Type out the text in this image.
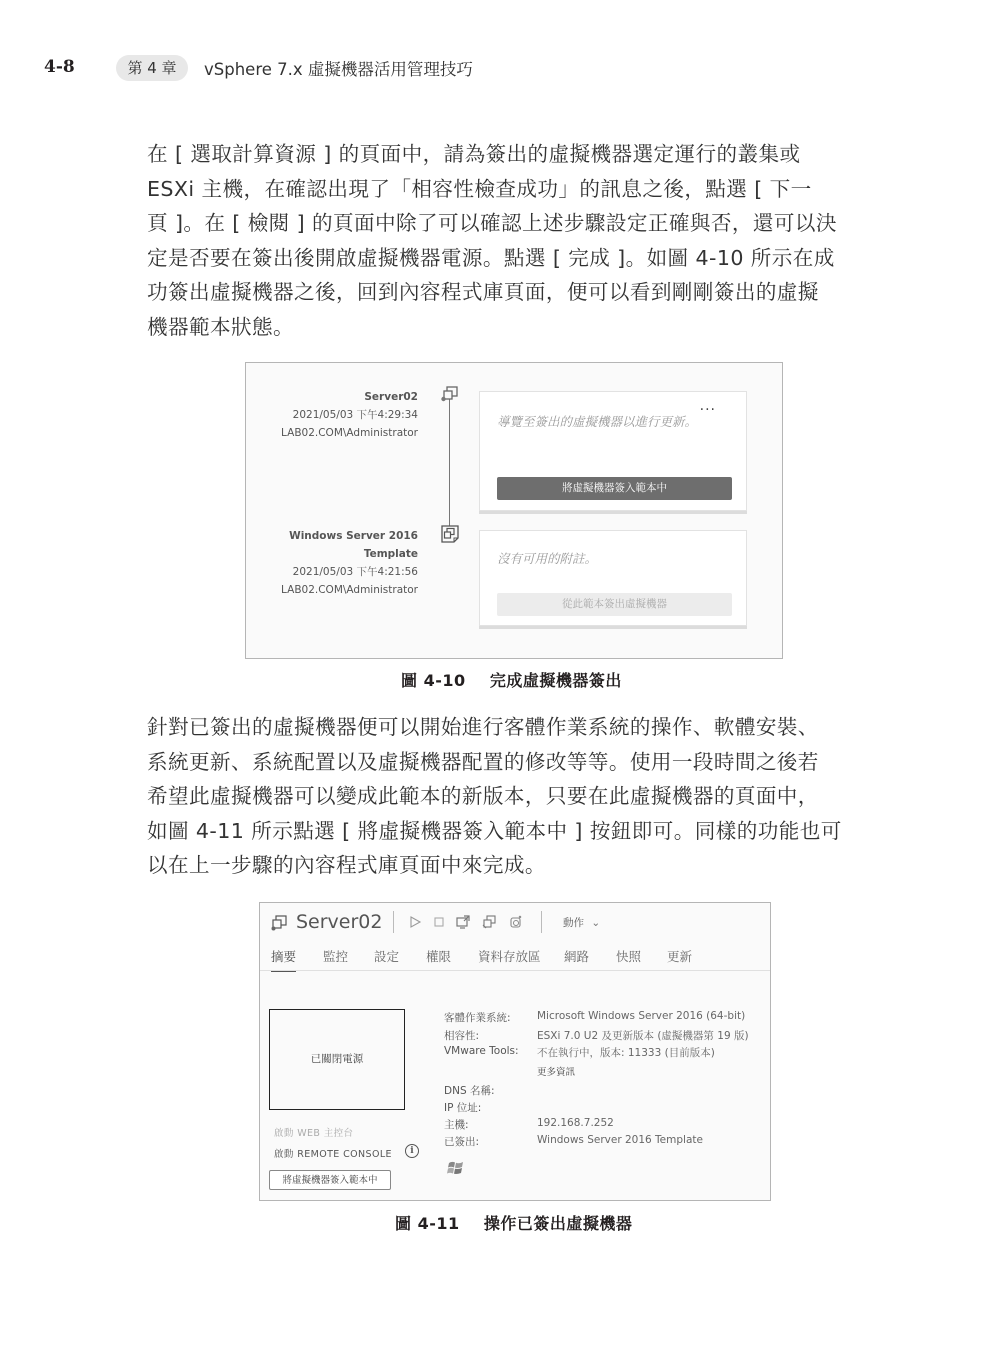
4-8	第 4 章	vSphere 7.x 虛擬機器活用管理技巧

在 [ 選取計算資源 ] 的頁面中，請為簽出的虛擬機器選定運行的叢集或

ESXi 主機，在確認出現了「相容性檢查成功」的訊息之後，點選 [ 下一

頁 ]。在 [ 檢閱 ] 的頁面中除了可以確認上述步驟設定正確與否，還可以決

定是否要在簽出後開啟虛擬機器電源。點選 [ 完成 ]。如圖 4-10 所示在成

功簽出虛擬機器之後，回到內容程式庫頁面，便可以看到剛剛簽出的虛擬

機器範本狀態。

Server02
2021/05/03 下午4:29:34
LAB02.COM\Administrator
導覽至簽出的虛擬機器以進行更新。
···
將虛擬機器簽入範本中
Windows Server 2016 Template
2021/05/03 下午4:21:56
LAB02.COM\Administrator
沒有可用的附註。
從此範本簽出虛擬機器
圖 4-10 完成虛擬機器簽出

針對已簽出的虛擬機器便可以開始進行客體作業系統的操作、軟體安裝、

系統更新、系統配置以及虛擬機器配置的修改等等。使用一段時間之後若

希望此虛擬機器可以變成此範本的新版本，只要在此虛擬機器的頁面中，

如圖 4-11 所示點選 [ 將虛擬機器簽入範本中 ] 按鈕即可。同樣的功能也可

以在上一步驟的內容程式庫頁面中來完成。

Server02	動作 ⌄
摘要 監控 設定 權限 資料存放區 網路 快照 更新
已關閉電源
啟動 WEB 主控台
啟動 REMOTE CONSOLE	i
將虛擬機器簽入範本中
客體作業系統:	Microsoft Windows Server 2016 (64-bit)
相容性:	ESXi 7.0 U2 及更新版本 (虛擬機器第 19 版)
VMware Tools: 不在執行中，版本: 11333 (目前版本)
更多資訊
DNS 名稱:
IP 位址:
主機:	192.168.7.252
已簽出:	Windows Server 2016 Template
圖 4-11 操作已簽出虛擬機器
